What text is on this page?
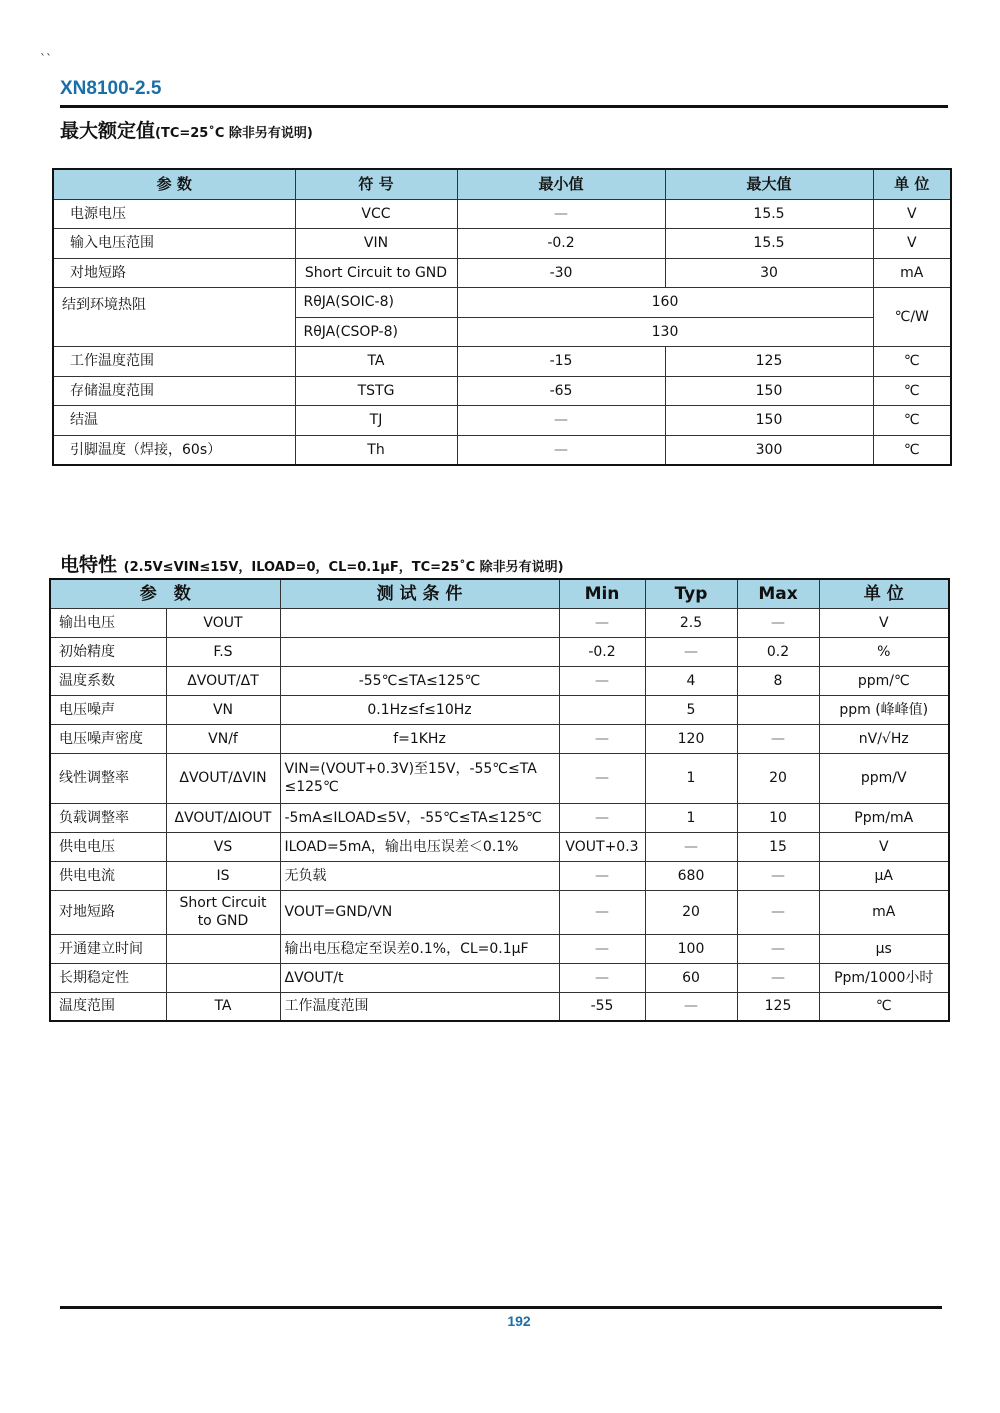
``
XN8100-2.5
最大额定值(TC=25˚C 除非另有说明)
参 数	符 号	最小值	最大值	单 位
电源电压	VCC	—	15.5	V
输入电压范围	VIN	-0.2	15.5	V
对地短路	Short Circuit to GND	-30	30	mA
结到环境热阻	RθJA(SOIC-8)	160		℃/W
	RθJA(CSOP-8)	130		
工作温度范围	TA	-15	125	℃
存储温度范围	TSTG	-65	150	℃
结温	TJ	—	150	℃
引脚温度（焊接，60s）	Th	—	300	℃
电特性 (2.5V≤VIN≤15V，ILOAD=0，CL=0.1μF，TC=25˚C 除非另有说明)
参　数		测 试 条 件	Min	Typ	Max	单 位
输出电压	VOUT		—	2.5	—	V
初始精度	F.S		-0.2	—	0.2	%
温度系数	ΔVOUT/ΔT	-55℃≤TA≤125℃	—	4	8	ppm/℃
电压噪声	VN	0.1Hz≤f≤10Hz		5		ppm (峰峰值)
电压噪声密度	VN/f	f=1KHz	—	120	—	nV/√Hz
线性调整率	ΔVOUT/ΔVIN	VIN=(VOUT+0.3V)至15V，-55℃≤TA ≤125℃	—	1	20	ppm/V
负载调整率	ΔVOUT/ΔIOUT	-5mA≤ILOAD≤5V，-55℃≤TA≤125℃	—	1	10	Ppm/mA
供电电压	VS	ILOAD=5mA，输出电压误差＜0.1%	VOUT+0.3	—	15	V
供电电流	IS	无负载	—	680	—	μA
对地短路	Short Circuit to GND	VOUT=GND/VN	—	20	—	mA
开通建立时间		输出电压稳定至误差0.1%，CL=0.1μF	—	100	—	μs
长期稳定性		ΔVOUT/t	—	60	—	Ppm/1000小时
温度范围	TA	工作温度范围	-55	—	125	℃
192
